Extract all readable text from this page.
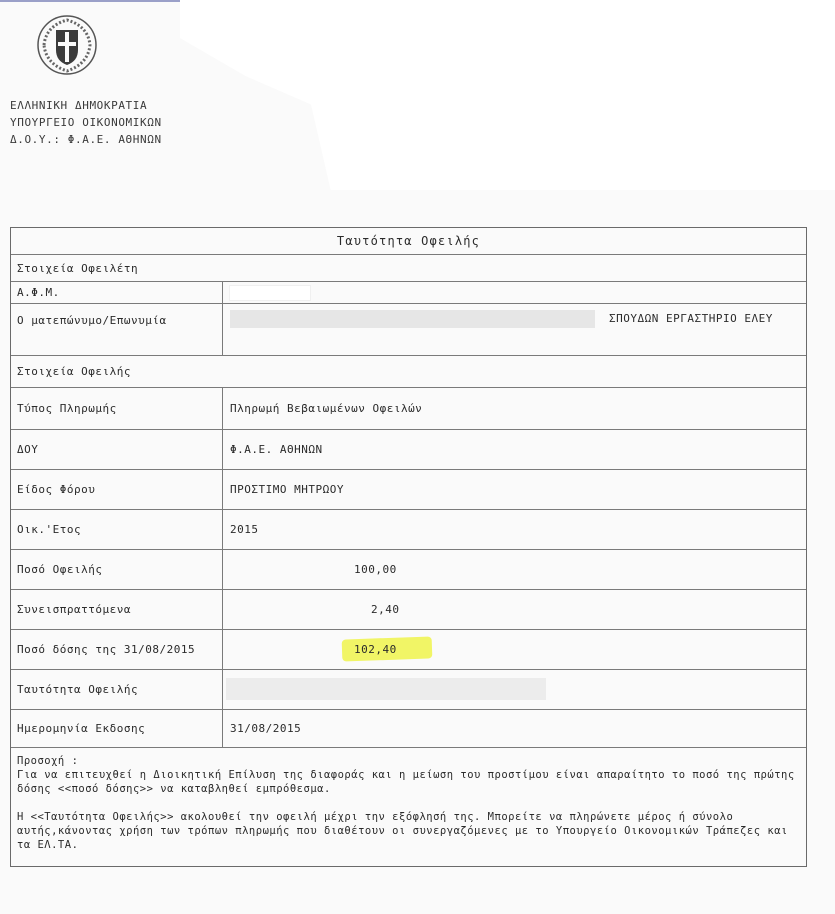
ΕΛΛΗΝΙΚΗ ΔΗΜΟΚΡΑΤΙΑ
ΥΠΟΥΡΓΕΙΟ ΟΙΚΟΝΟΜΙΚΩΝ
Δ.Ο.Υ.: Φ.Α.Ε. ΑΘΗΝΩΝ
Ταυτότητα Οφειλής
Στοιχεία Οφειλέτη
Α.Φ.Μ.
Ο ματεπώνυμο/Επωνυμία	ΣΠΟΥΔΩΝ ΕΡΓΑΣΤΗΡΙΟ ΕΛΕΥ
Στοιχεία Οφειλής
Τύπος Πληρωμής	Πληρωμή Βεβαιωμένων Οφειλών
ΔΟΥ	Φ.Α.Ε. ΑΘΗΝΩΝ
Είδος Φόρου	ΠΡΟΣΤΙΜΟ ΜΗΤΡΩΟΥ
Οικ.'Ετος	2015
Ποσό Οφειλής	100,00
Συνεισπραττόμενα	2,40
Ποσό δόσης της 31/08/2015	102,40
Ταυτότητα Οφειλής
Ημερομηνία Εκδοσης	31/08/2015

Προσοχή :

Για να επιτευχθεί η Διοικητική Επίλυση της διαφοράς και η μείωση του προστίμου είναι απαραίτητο το ποσό της πρώτης δόσης <<ποσό δόσης>> να καταβληθεί εμπρόθεσμα.

Η <<Ταυτότητα Οφειλής>> ακολουθεί την οφειλή μέχρι την εξόφλησή της. Μπορείτε να πληρώνετε μέρος ή σύνολο αυτής,κάνοντας χρήση των τρόπων πληρωμής που διαθέτουν οι συνεργαζόμενες με το Υπουργείο Οικονομικών Τράπεζες και τα ΕΛ.ΤΑ.
